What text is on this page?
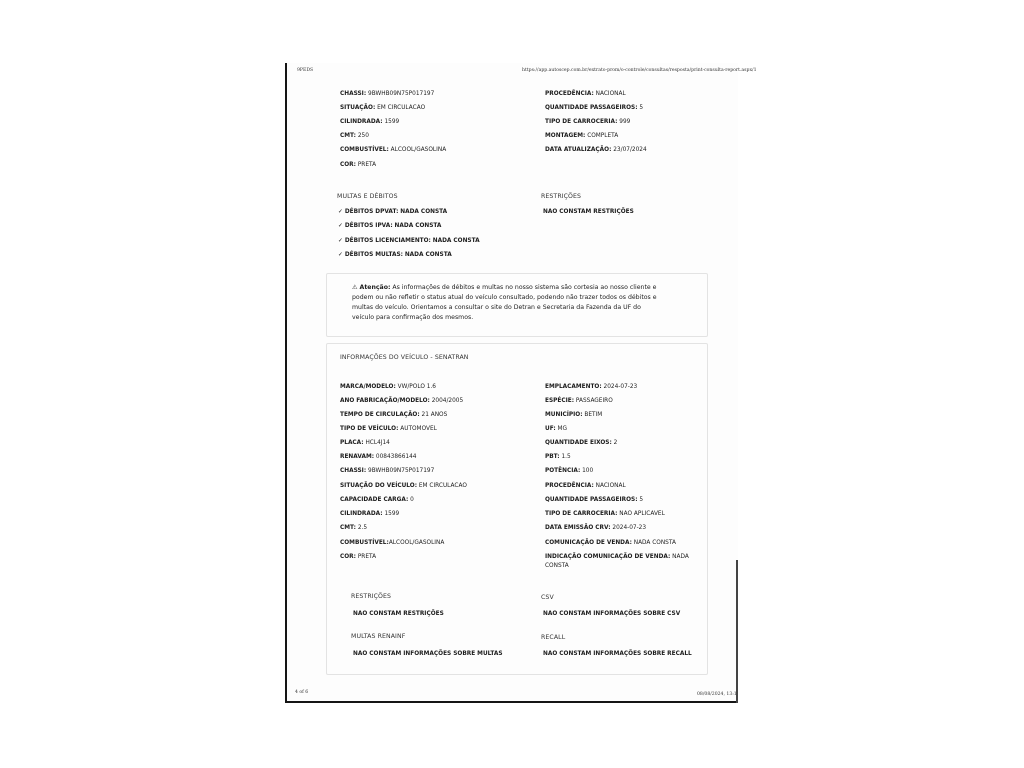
9PEDS	https://app.autoscep.com.br/extrato-prom/o-controle/consultas/resposta/print-consulta-report.aspx/1
CHASSI: 9BWHB09N75P017197
SITUAÇÃO: EM CIRCULACAO
CILINDRADA: 1599
CMT: 250
COMBUSTÍVEL: ALCOOL/GASOLINA
COR: PRETA
PROCEDÊNCIA: NACIONAL
QUANTIDADE PASSAGEIROS: 5
TIPO DE CARROCERIA: 999
MONTAGEM: COMPLETA
DATA ATUALIZAÇÃO: 23/07/2024
MULTAS E DÉBITOS
✓ DÉBITOS DPVAT: NADA CONSTA
✓ DÉBITOS IPVA: NADA CONSTA
✓ DÉBITOS LICENCIAMENTO: NADA CONSTA
✓ DÉBITOS MULTAS: NADA CONSTA
RESTRIÇÕES
NAO CONSTAM RESTRIÇÕES
⚠ Atenção: As informações de débitos e multas no nosso sistema são cortesia ao nosso cliente e podem ou não refletir o status atual do veículo consultado, podendo não trazer todos os débitos e multas do veículo. Orientamos a consultar o site do Detran e Secretaria da Fazenda da UF do veículo para confirmação dos mesmos.
INFORMAÇÕES DO VEÍCULO - SENATRAN
MARCA/MODELO: VW/POLO 1.6
ANO FABRICAÇÃO/MODELO: 2004/2005
TEMPO DE CIRCULAÇÃO: 21 ANOS
TIPO DE VEÍCULO: AUTOMOVEL
PLACA: HCL4J14
RENAVAM: 00843866144
CHASSI: 9BWHB09N75P017197
SITUAÇÃO DO VEÍCULO: EM CIRCULACAO
CAPACIDADE CARGA: 0
CILINDRADA: 1599
CMT: 2.5
COMBUSTÍVEL:ALCOOL/GASOLINA
COR: PRETA
EMPLACAMENTO: 2024-07-23
ESPÉCIE: PASSAGEIRO
MUNICÍPIO: BETIM
UF: MG
QUANTIDADE EIXOS: 2
PBT: 1.5
POTÊNCIA: 100
PROCEDÊNCIA: NACIONAL
QUANTIDADE PASSAGEIROS: 5
TIPO DE CARROCERIA: NAO APLICAVEL
DATA EMISSÃO CRV: 2024-07-23
COMUNICAÇÃO DE VENDA: NADA CONSTA
INDICAÇÃO COMUNICAÇÃO DE VENDA: NADA
CONSTA
RESTRIÇÕES
NAO CONSTAM RESTRIÇÕES
CSV
NAO CONSTAM INFORMAÇÕES SOBRE CSV
MULTAS RENAINF
NAO CONSTAM INFORMAÇÕES SOBRE MULTAS
RECALL
NAO CONSTAM INFORMAÇÕES SOBRE RECALL
4 of 6	08/08/2024, 13:1
